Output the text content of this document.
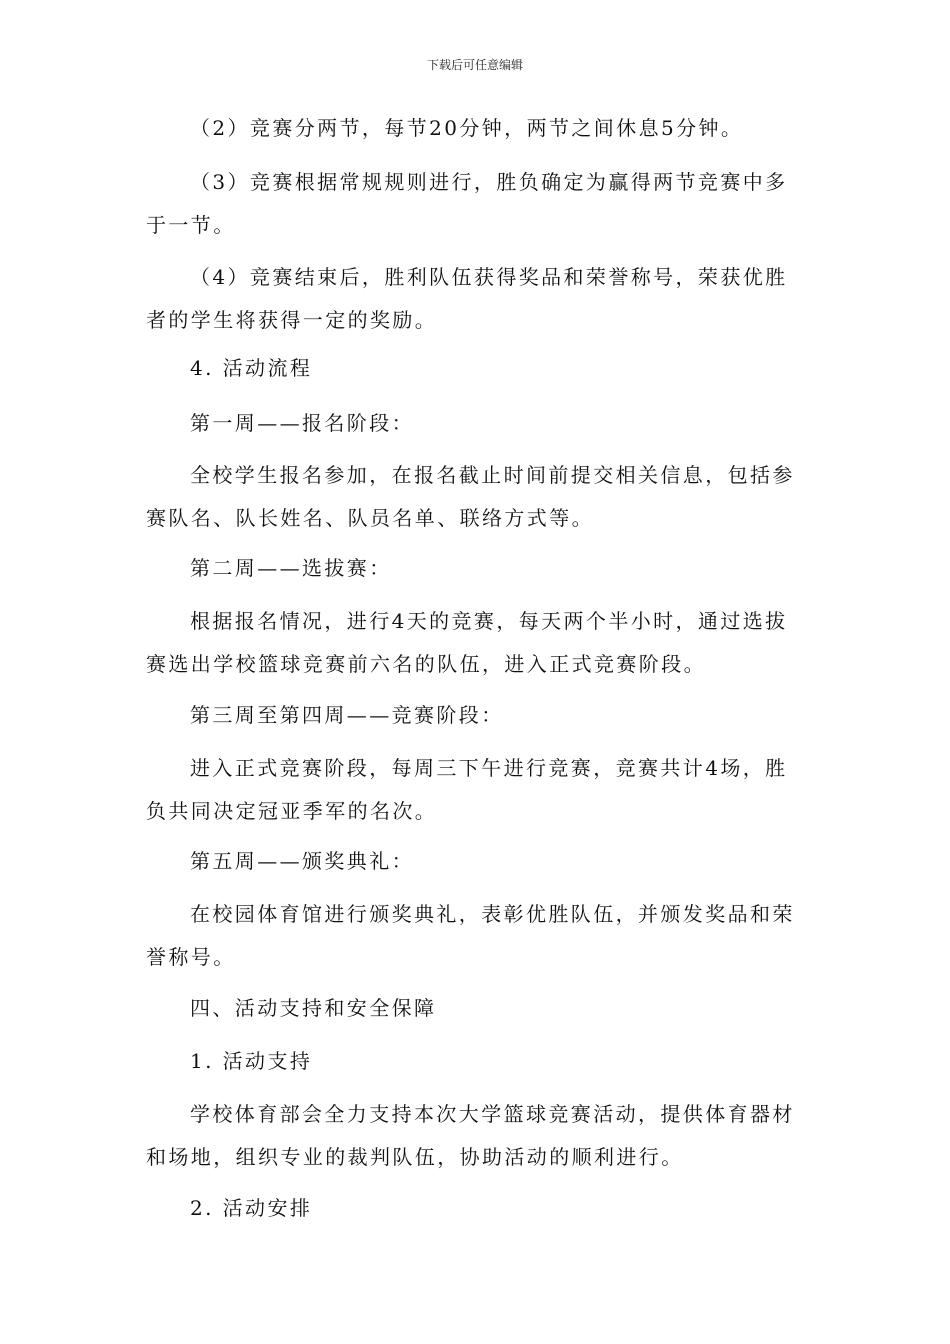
下载后可任意编辑

（2）竞赛分两节，每节20分钟，两节之间休息5分钟。

（3）竞赛根据常规规则进行，胜负确定为赢得两节竞赛中多于一节。

（4）竞赛结束后，胜利队伍获得奖品和荣誉称号，荣获优胜者的学生将获得一定的奖励。

4. 活动流程

第一周——报名阶段：

全校学生报名参加，在报名截止时间前提交相关信息，包括参赛队名、队长姓名、队员名单、联络方式等。

第二周——选拔赛：

根据报名情况，进行4天的竞赛，每天两个半小时，通过选拔赛选出学校篮球竞赛前六名的队伍，进入正式竞赛阶段。

第三周至第四周——竞赛阶段：

进入正式竞赛阶段，每周三下午进行竞赛，竞赛共计4场，胜负共同决定冠亚季军的名次。

第五周——颁奖典礼：

在校园体育馆进行颁奖典礼，表彰优胜队伍，并颁发奖品和荣誉称号。

四、活动支持和安全保障

1. 活动支持

学校体育部会全力支持本次大学篮球竞赛活动，提供体育器材和场地，组织专业的裁判队伍，协助活动的顺利进行。

2. 活动安排
